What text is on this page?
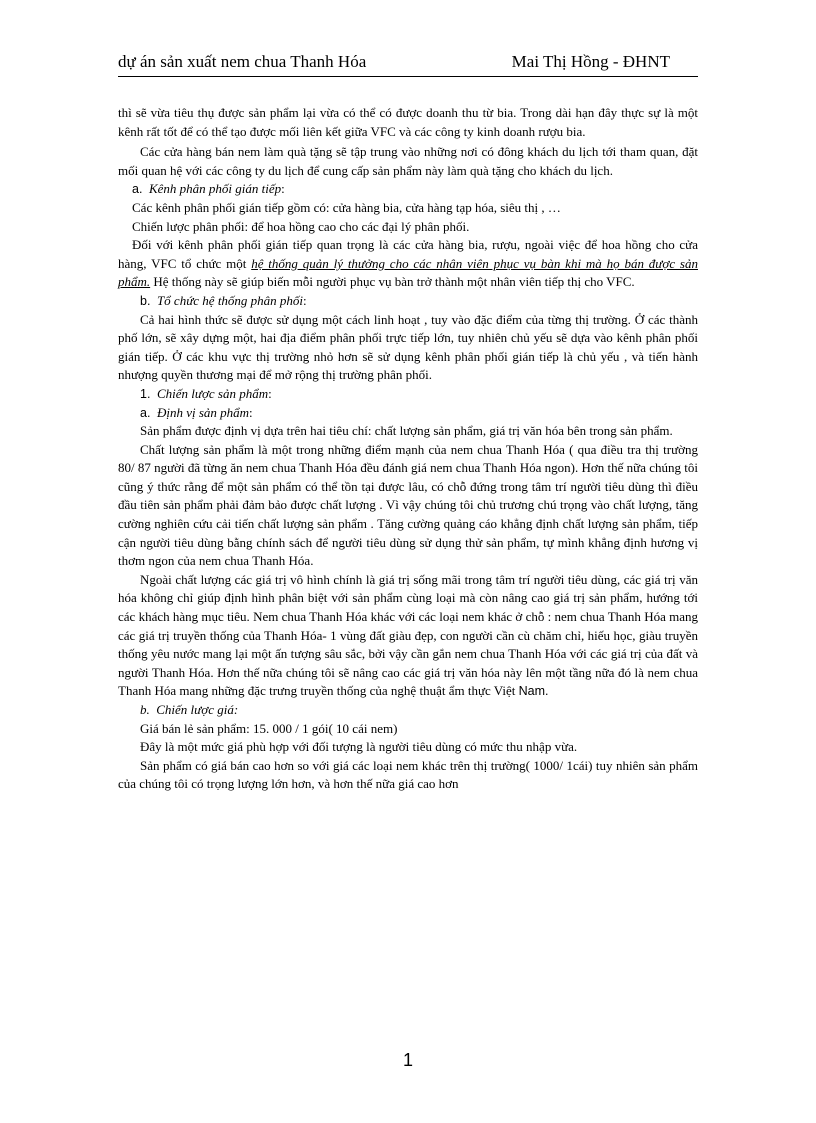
dự án sản xuất nem chua Thanh Hóa	Mai Thị Hồng - ĐHNT

thì sẽ vừa tiêu thụ được sản phẩm lại vừa có thể có được doanh thu từ bia. Trong dài hạn đây thực sự là một kênh rất tốt để có thể tạo được mối liên kết giữa VFC và các công ty kinh doanh rượu bia.

Các cửa hàng bán nem làm quà tặng sẽ tập trung vào những nơi có đông khách du lịch tới tham quan, đặt mối quan hệ với các công ty du lịch để cung cấp sản phẩm này làm quà tặng cho khách du lịch.

a. Kênh phân phối gián tiếp:

Các kênh phân phối gián tiếp gồm có: cửa hàng bia, cửa hàng tạp hóa, siêu thị , …

Chiến lược phân phối: để hoa hồng cao cho các đại lý phân phối.

Đối với kênh phân phối gián tiếp quan trọng là các cửa hàng bia, rượu, ngoài việc để hoa hồng cho cửa hàng, VFC tổ chức một hệ thống quản lý thưởng cho các nhân viên phục vụ bàn khi mà họ bán được sản phẩm. Hệ thống này sẽ giúp biến mỗi người phục vụ bàn trở thành một nhân viên tiếp thị cho VFC.

b. Tổ chức hệ thống phân phối:

Cả hai hình thức sẽ được sử dụng một cách linh hoạt , tuy vào đặc điểm của từng thị trường. Ở các thành phố lớn, sẽ xây dựng một, hai địa điểm phân phối trực tiếp lớn, tuy nhiên chủ yếu sẽ dựa vào kênh phân phối gián tiếp. Ở các khu vực thị trường nhỏ hơn sẽ sử dụng kênh phân phối gián tiếp là chủ yếu , và tiến hành nhượng quyền thương mại để mở rộng thị trường phân phối.

1. Chiến lược sản phẩm:

a. Định vị sản phẩm:

Sản phẩm được định vị dựa trên hai tiêu chí: chất lượng sản phẩm, giá trị văn hóa bên trong sản phẩm.

Chất lượng sản phẩm là một trong những điểm mạnh của nem chua Thanh Hóa ( qua điều tra thị trường 80/ 87 người đã từng ăn nem chua Thanh Hóa đều đánh giá nem chua Thanh Hóa ngon). Hơn thế nữa chúng tôi cũng ý thức rằng để một sản phẩm có thể tồn tại được lâu, có chỗ đứng trong tâm trí người tiêu dùng thì điều đầu tiên sản phẩm phải đảm bảo được chất lượng . Vì vậy chúng tôi chủ trương chú trọng vào chất lượng, tăng cường nghiên cứu cải tiến chất lượng sản phẩm . Tăng cường quảng cáo khẳng định chất lượng sản phẩm, tiếp cận người tiêu dùng bằng chính sách để người tiêu dùng sử dụng thử sản phẩm, tự mình khẳng định hương vị thơm ngon của nem chua Thanh Hóa.

Ngoài chất lượng các giá trị vô hình chính là giá trị sống mãi trong tâm trí người tiêu dùng, các giá trị văn hóa không chỉ giúp định hình phân biệt với sản phẩm cùng loại mà còn nâng cao giá trị sản phẩm, hướng tới các khách hàng mục tiêu. Nem chua Thanh Hóa khác với các loại nem khác ở chỗ : nem chua Thanh Hóa mang các giá trị truyền thống của Thanh Hóa- 1 vùng đất giàu đẹp, con người cần cù chăm chỉ, hiếu học, giàu truyền thống yêu nước mang lại một ấn tượng sâu sắc, bởi vậy cần gắn nem chua Thanh Hóa với các giá trị của đất và người Thanh Hóa. Hơn thế nữa chúng tôi sẽ nâng cao các giá trị văn hóa này lên một tầng nữa đó là nem chua Thanh Hóa mang những đặc trưng truyền thống của nghệ thuật ẩm thực Việt Nam.

b. Chiến lược giá:

Giá bán lẻ sản phẩm: 15. 000 / 1 gói( 10 cái nem)

Đây là một mức giá phù hợp với đối tượng là người tiêu dùng có mức thu nhập vừa.

Sản phẩm có giá bán cao hơn so với giá các loại nem khác trên thị trường( 1000/ 1cái) tuy nhiên sản phẩm của chúng tôi có trọng lượng lớn hơn, và hơn thế nữa giá cao hơn

1
